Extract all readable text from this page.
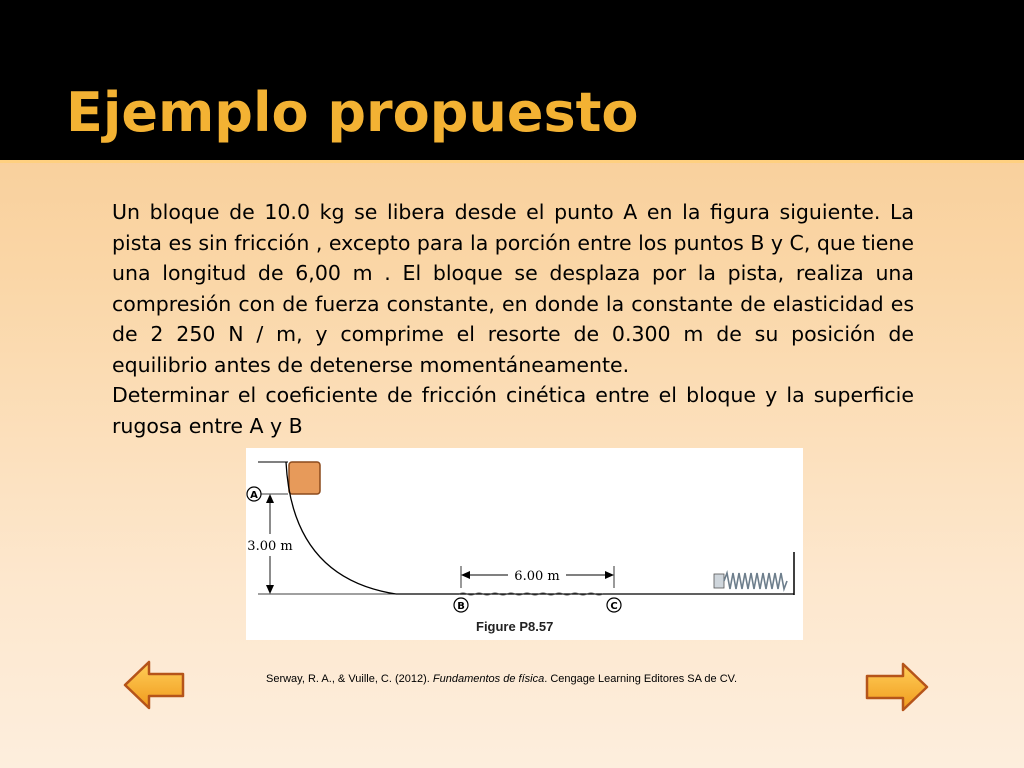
Ejemplo propuesto

Un bloque de 10.0 kg se libera desde el punto A en la figura siguiente. La pista es sin fricción , excepto para la porción entre los puntos B y C, que tiene una longitud de 6,00 m . El bloque se desplaza por la pista, realiza una compresión con de fuerza constante, en donde la constante de elasticidad es de 2 250 N / m, y comprime el resorte de 0.300 m de su posición de equilibrio antes de detenerse momentáneamente.

Determinar el coeficiente de fricción cinética entre el bloque y la superficie rugosa entre A y B

3.00 m
6.00 m
A
B	C
Figure P8.57
Serway, R. A., & Vuille, C. (2012). Fundamentos de física. Cengage Learning Editores SA de CV.
